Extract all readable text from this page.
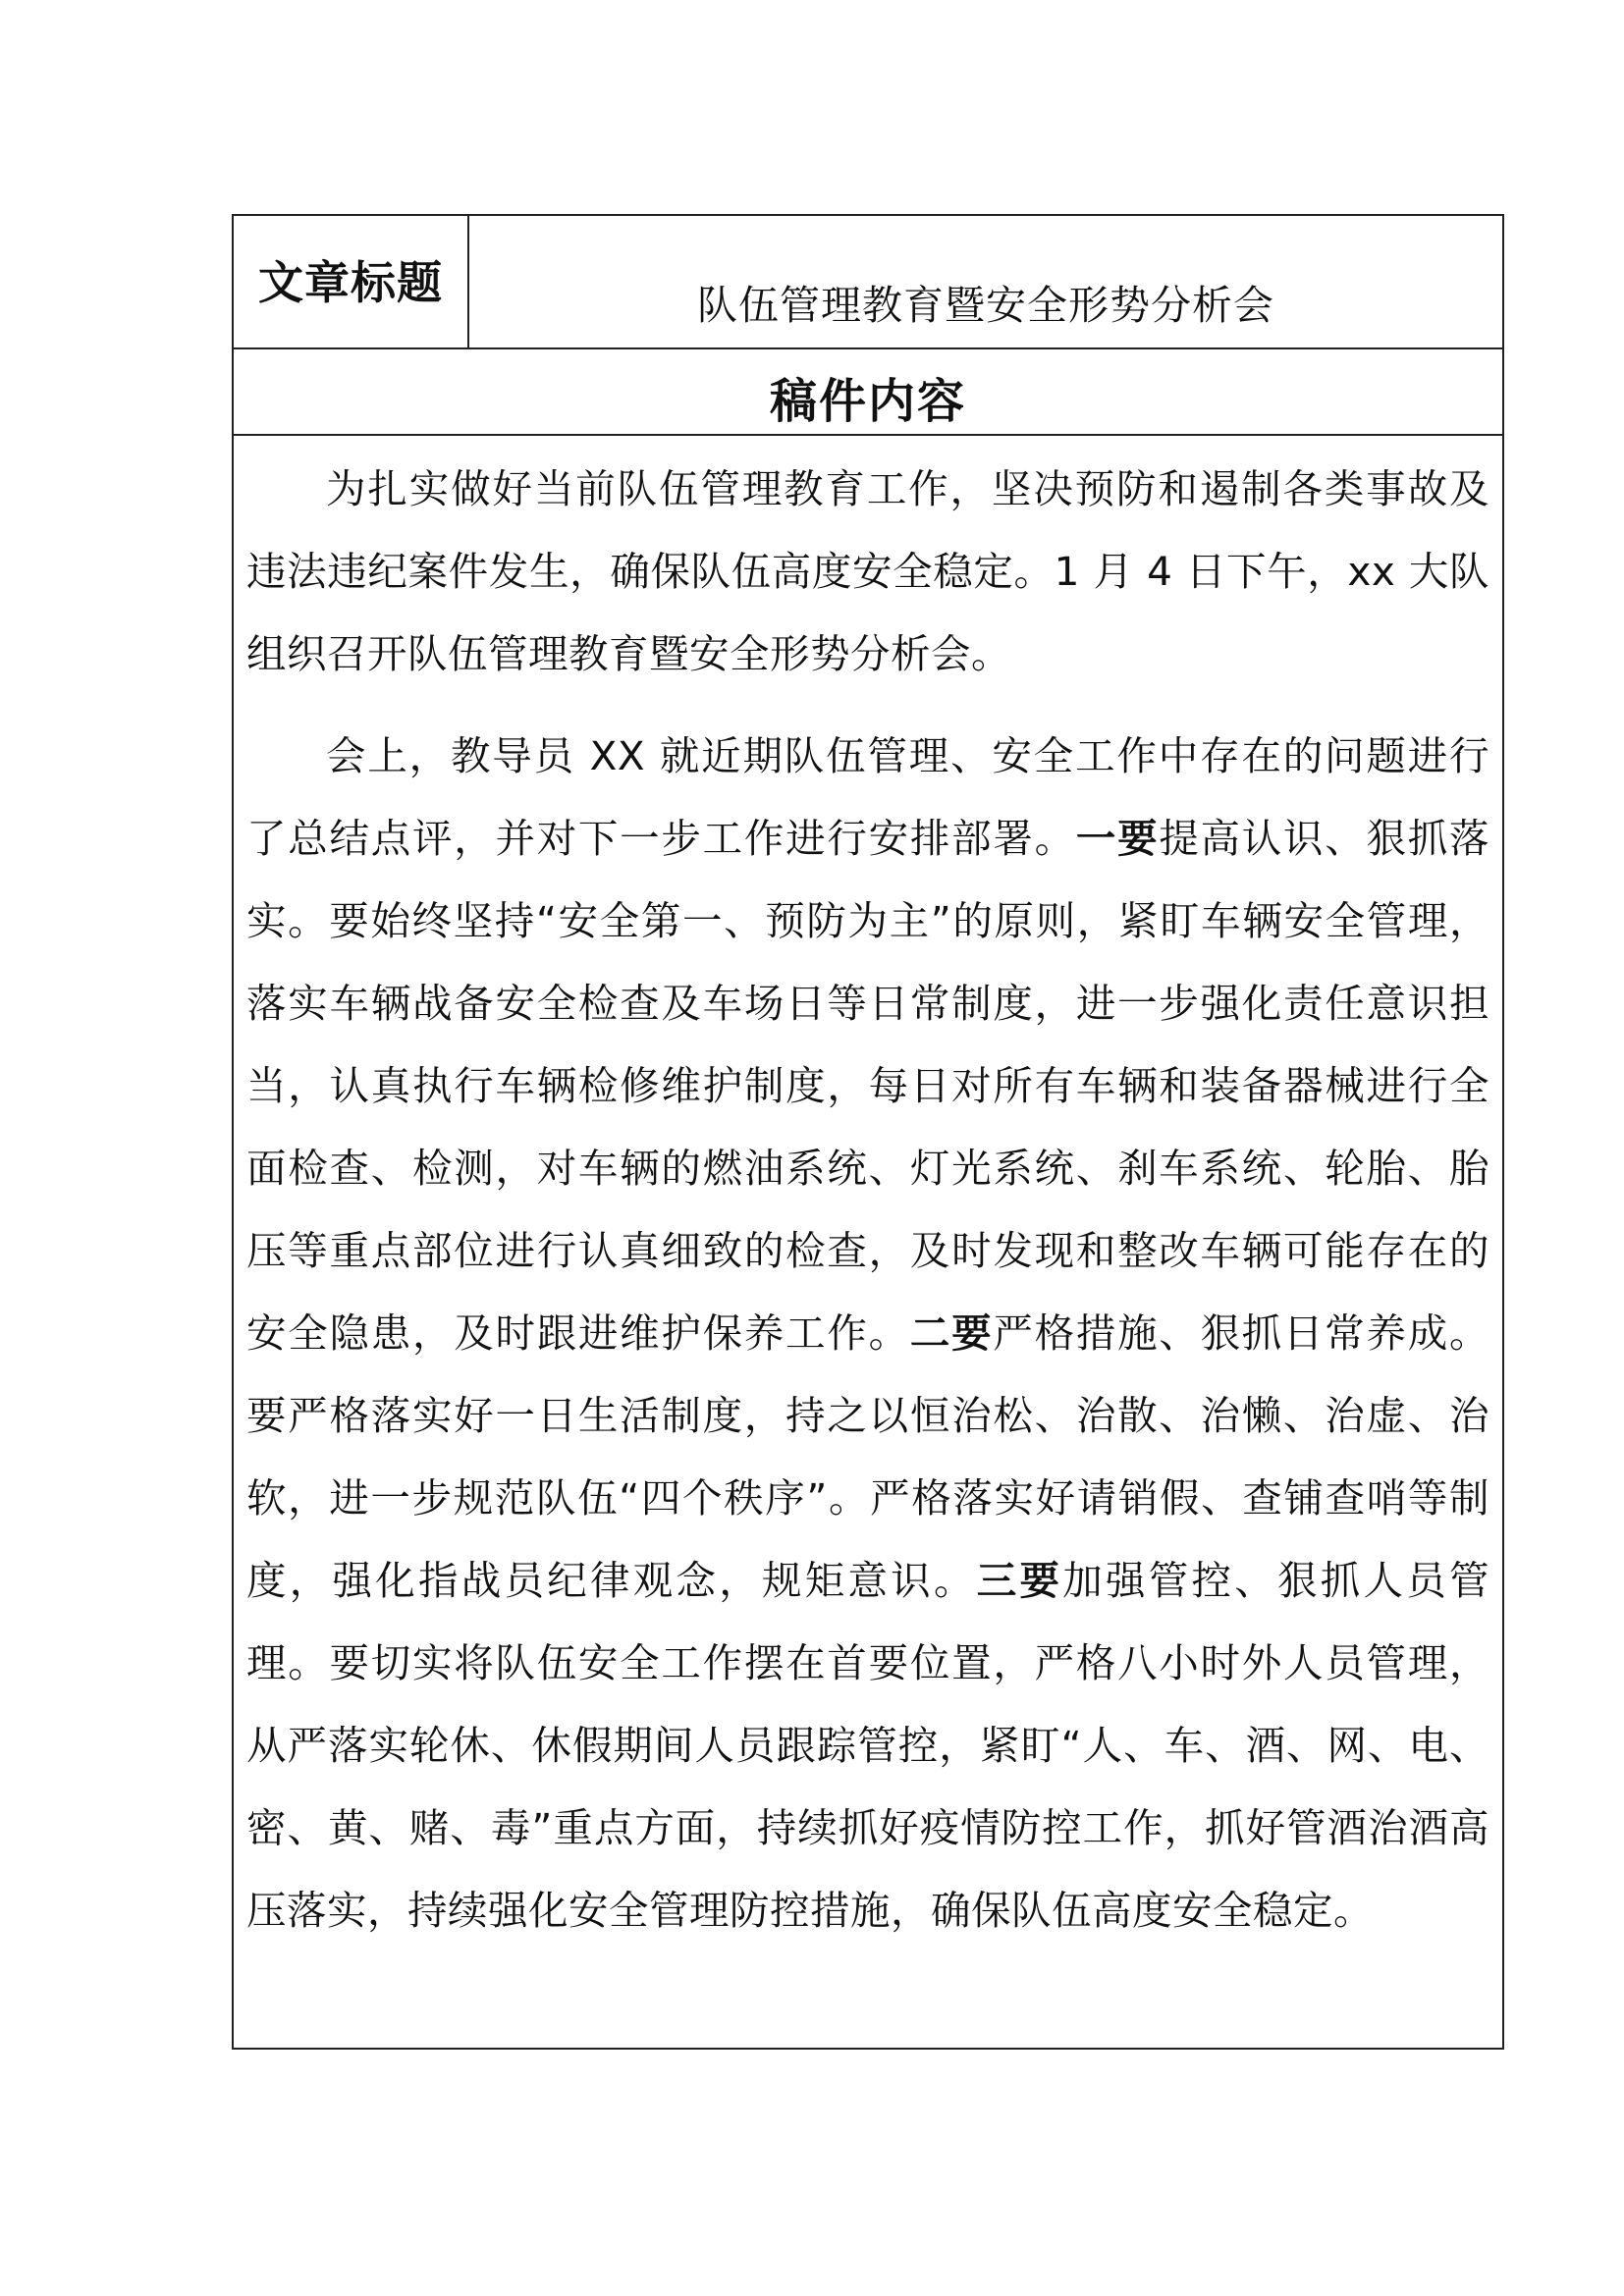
文章标题	队伍管理教育暨安全形势分析会
稿件内容

为扎实做好当前队伍管理教育工作，坚决预防和遏制各类事故及违法违纪案件发生，确保队伍高度安全稳定。1 月 4 日下午，xx 大队组织召开队伍管理教育暨安全形势分析会。

会上，教导员 XX 就近期队伍管理、安全工作中存在的问题进行了总结点评，并对下一步工作进行安排部署。一要提高认识、狠抓落实。要始终坚持“安全第一、预防为主”的原则，紧盯车辆安全管理，落实车辆战备安全检查及车场日等日常制度，进一步强化责任意识担当，认真执行车辆检修维护制度，每日对所有车辆和装备器械进行全面检查、检测，对车辆的燃油系统、灯光系统、刹车系统、轮胎、胎压等重点部位进行认真细致的检查，及时发现和整改车辆可能存在的安全隐患，及时跟进维护保养工作。二要严格措施、狠抓日常养成。要严格落实好一日生活制度，持之以恒治松、治散、治懒、治虚、治软，进一步规范队伍“四个秩序”。严格落实好请销假、查铺查哨等制度，强化指战员纪律观念，规矩意识。三要加强管控、狠抓人员管理。要切实将队伍安全工作摆在首要位置，严格八小时外人员管理，从严落实轮休、休假期间人员跟踪管控，紧盯“人、车、酒、网、电、密、黄、赌、毒”重点方面，持续抓好疫情防控工作，抓好管酒治酒高压落实，持续强化安全管理防控措施，确保队伍高度安全稳定。
